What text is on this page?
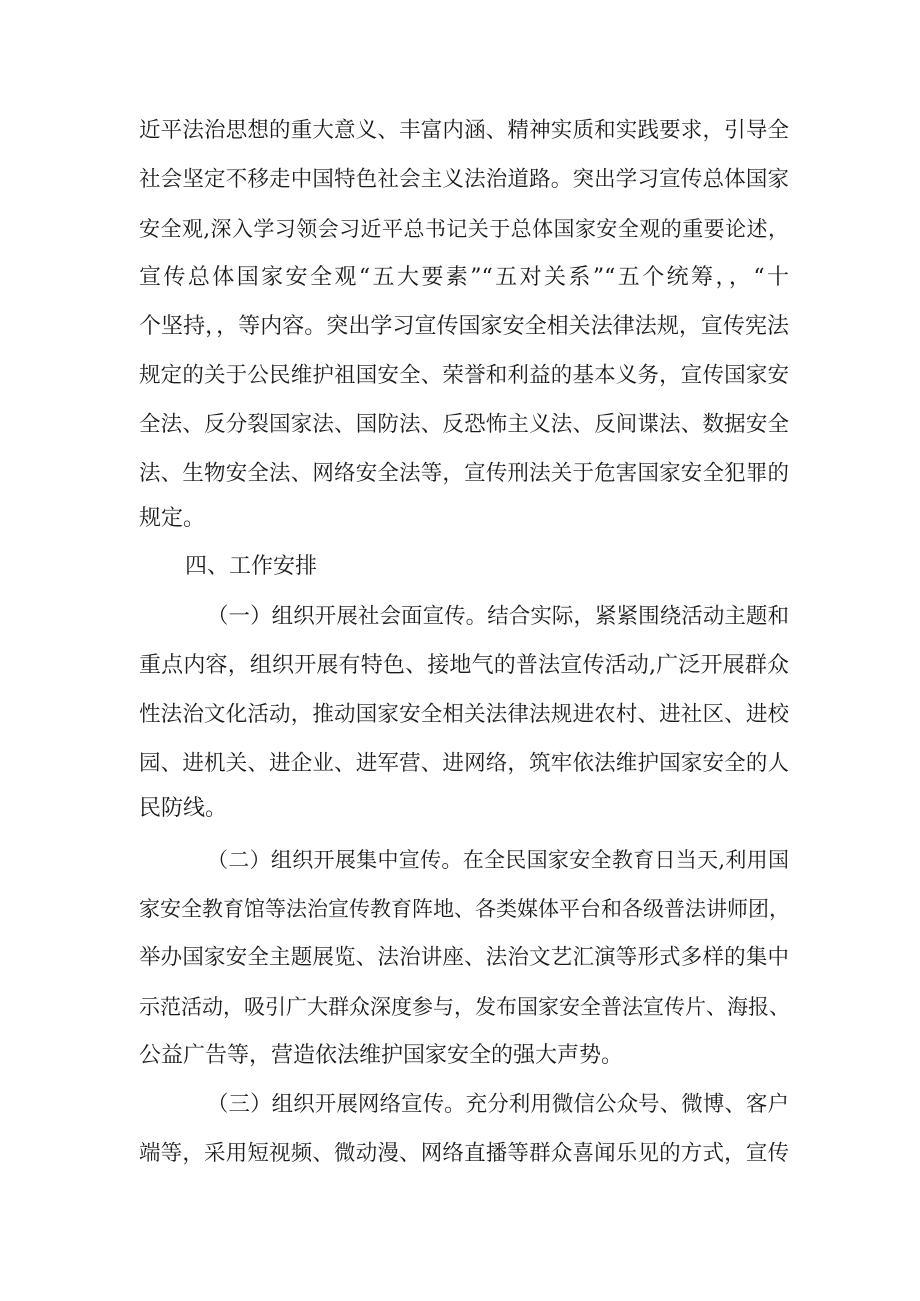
近平法治思想的重大意义、丰富内涵、精神实质和实践要求，引导全
社会坚定不移走中国特色社会主义法治道路。突出学习宣传总体国家
安全观,深入学习领会习近平总书记关于总体国家安全观的重要论述，
宣传总体国家安全观“五大要素”“五对关系”“五个统筹，，“十
个坚持，，等内容。突出学习宣传国家安全相关法律法规，宣传宪法
规定的关于公民维护祖国安全、荣誉和利益的基本义务，宣传国家安
全法、反分裂国家法、国防法、反恐怖主义法、反间谍法、数据安全
法、生物安全法、网络安全法等，宣传刑法关于危害国家安全犯罪的
规定。
四、工作安排
（一）组织开展社会面宣传。结合实际，紧紧围绕活动主题和
重点内容，组织开展有特色、接地气的普法宣传活动,广泛开展群众
性法治文化活动，推动国家安全相关法律法规进农村、进社区、进校
园、进机关、进企业、进军营、进网络，筑牢依法维护国家安全的人
民防线。
（二）组织开展集中宣传。在全民国家安全教育日当天,利用国
家安全教育馆等法治宣传教育阵地、各类媒体平台和各级普法讲师团，
举办国家安全主题展览、法治讲座、法治文艺汇演等形式多样的集中
示范活动，吸引广大群众深度参与，发布国家安全普法宣传片、海报、
公益广告等，营造依法维护国家安全的强大声势。
（三）组织开展网络宣传。充分利用微信公众号、微博、客户
端等，采用短视频、微动漫、网络直播等群众喜闻乐见的方式，宣传
